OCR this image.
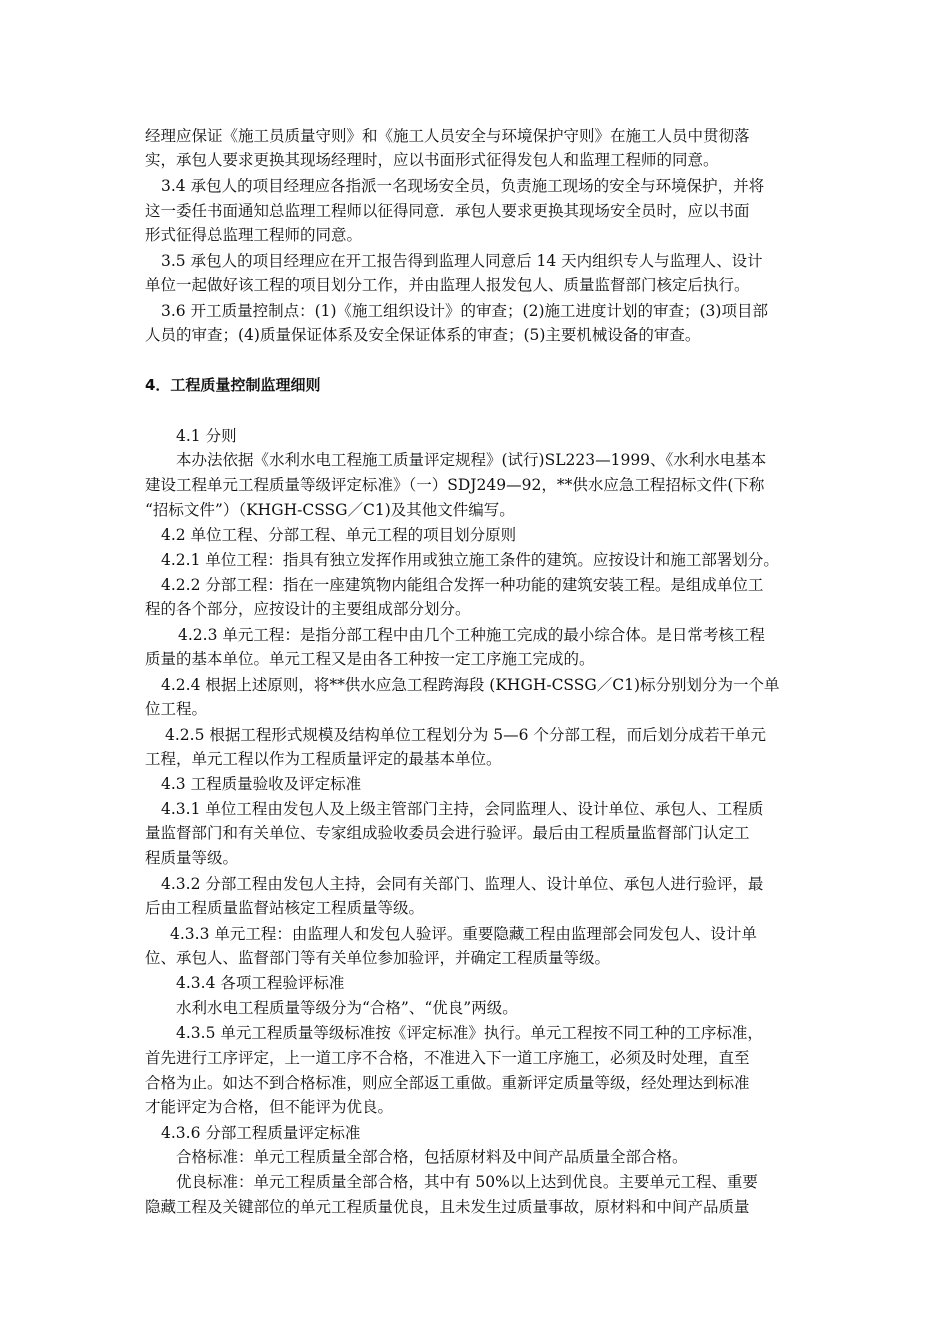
经理应保证《施工员质量守则》和《施工人员安全与环境保护守则》在施工人员中贯彻落
实，承包人要求更换其现场经理时，应以书面形式征得发包人和监理工程师的同意。
3.4 承包人的项目经理应各指派一名现场安全员，负责施工现场的安全与环境保护，并将
这一委任书面通知总监理工程师以征得同意．承包人要求更换其现场安全员时，应以书面
形式征得总监理工程师的同意。
3.5 承包人的项目经理应在开工报告得到监理人同意后 14 天内组织专人与监理人、设计
单位一起做好该工程的项目划分工作，并由监理人报发包人、质量监督部门核定后执行。
3.6 开工质量控制点：(1)《施工组织设计》的审查；(2)施工进度计划的审查；(3)项目部
人员的审查；(4)质量保证体系及安全保证体系的审查；(5)主要机械设备的审查。
4．工程质量控制监理细则
4.1 分则
本办法依据《水利水电工程施工质量评定规程》(试行)SL223—1999、《水利水电基本
建设工程单元工程质量等级评定标准》（一）SDJ249—92，**供水应急工程招标文件(下称
“招标文件”）（KHGH-CSSG／C1)及其他文件编写。
4.2 单位工程、分部工程、单元工程的项目划分原则
4.2.1 单位工程：指具有独立发挥作用或独立施工条件的建筑。应按设计和施工部署划分。
4.2.2 分部工程：指在一座建筑物内能组合发挥一种功能的建筑安装工程。是组成单位工
程的各个部分，应按设计的主要组成部分划分。
4.2.3 单元工程：是指分部工程中由几个工种施工完成的最小综合体。是日常考核工程
质量的基本单位。单元工程又是由各工种按一定工序施工完成的。
4.2.4 根据上述原则，将**供水应急工程跨海段 (KHGH-CSSG／C1)标分别划分为一个单
位工程。
4.2.5 根据工程形式规模及结构单位工程划分为 5—6 个分部工程，而后划分成若干单元
工程，单元工程以作为工程质量评定的最基本单位。
4.3 工程质量验收及评定标准
4.3.1 单位工程由发包人及上级主管部门主持，会同监理人、设计单位、承包人、工程质
量监督部门和有关单位、专家组成验收委员会进行验评。最后由工程质量监督部门认定工
程质量等级。
4.3.2 分部工程由发包人主持，会同有关部门、监理人、设计单位、承包人进行验评，最
后由工程质量监督站核定工程质量等级。
4.3.3 单元工程：由监理人和发包人验评。重要隐藏工程由监理部会同发包人、设计单
位、承包人、监督部门等有关单位参加验评，并确定工程质量等级。
4.3.4 各项工程验评标准
水利水电工程质量等级分为“合格”、“优良”两级。
4.3.5 单元工程质量等级标准按《评定标准》执行。单元工程按不同工种的工序标准，
首先进行工序评定，上一道工序不合格，不准进入下一道工序施工，必须及时处理，直至
合格为止。如达不到合格标准，则应全部返工重做。重新评定质量等级，经处理达到标准
才能评定为合格，但不能评为优良。
4.3.6 分部工程质量评定标准
合格标准：单元工程质量全部合格，包括原材料及中间产品质量全部合格。
优良标准：单元工程质量全部合格，其中有 50%以上达到优良。主要单元工程、重要
隐藏工程及关键部位的单元工程质量优良，且未发生过质量事故，原材料和中间产品质量
